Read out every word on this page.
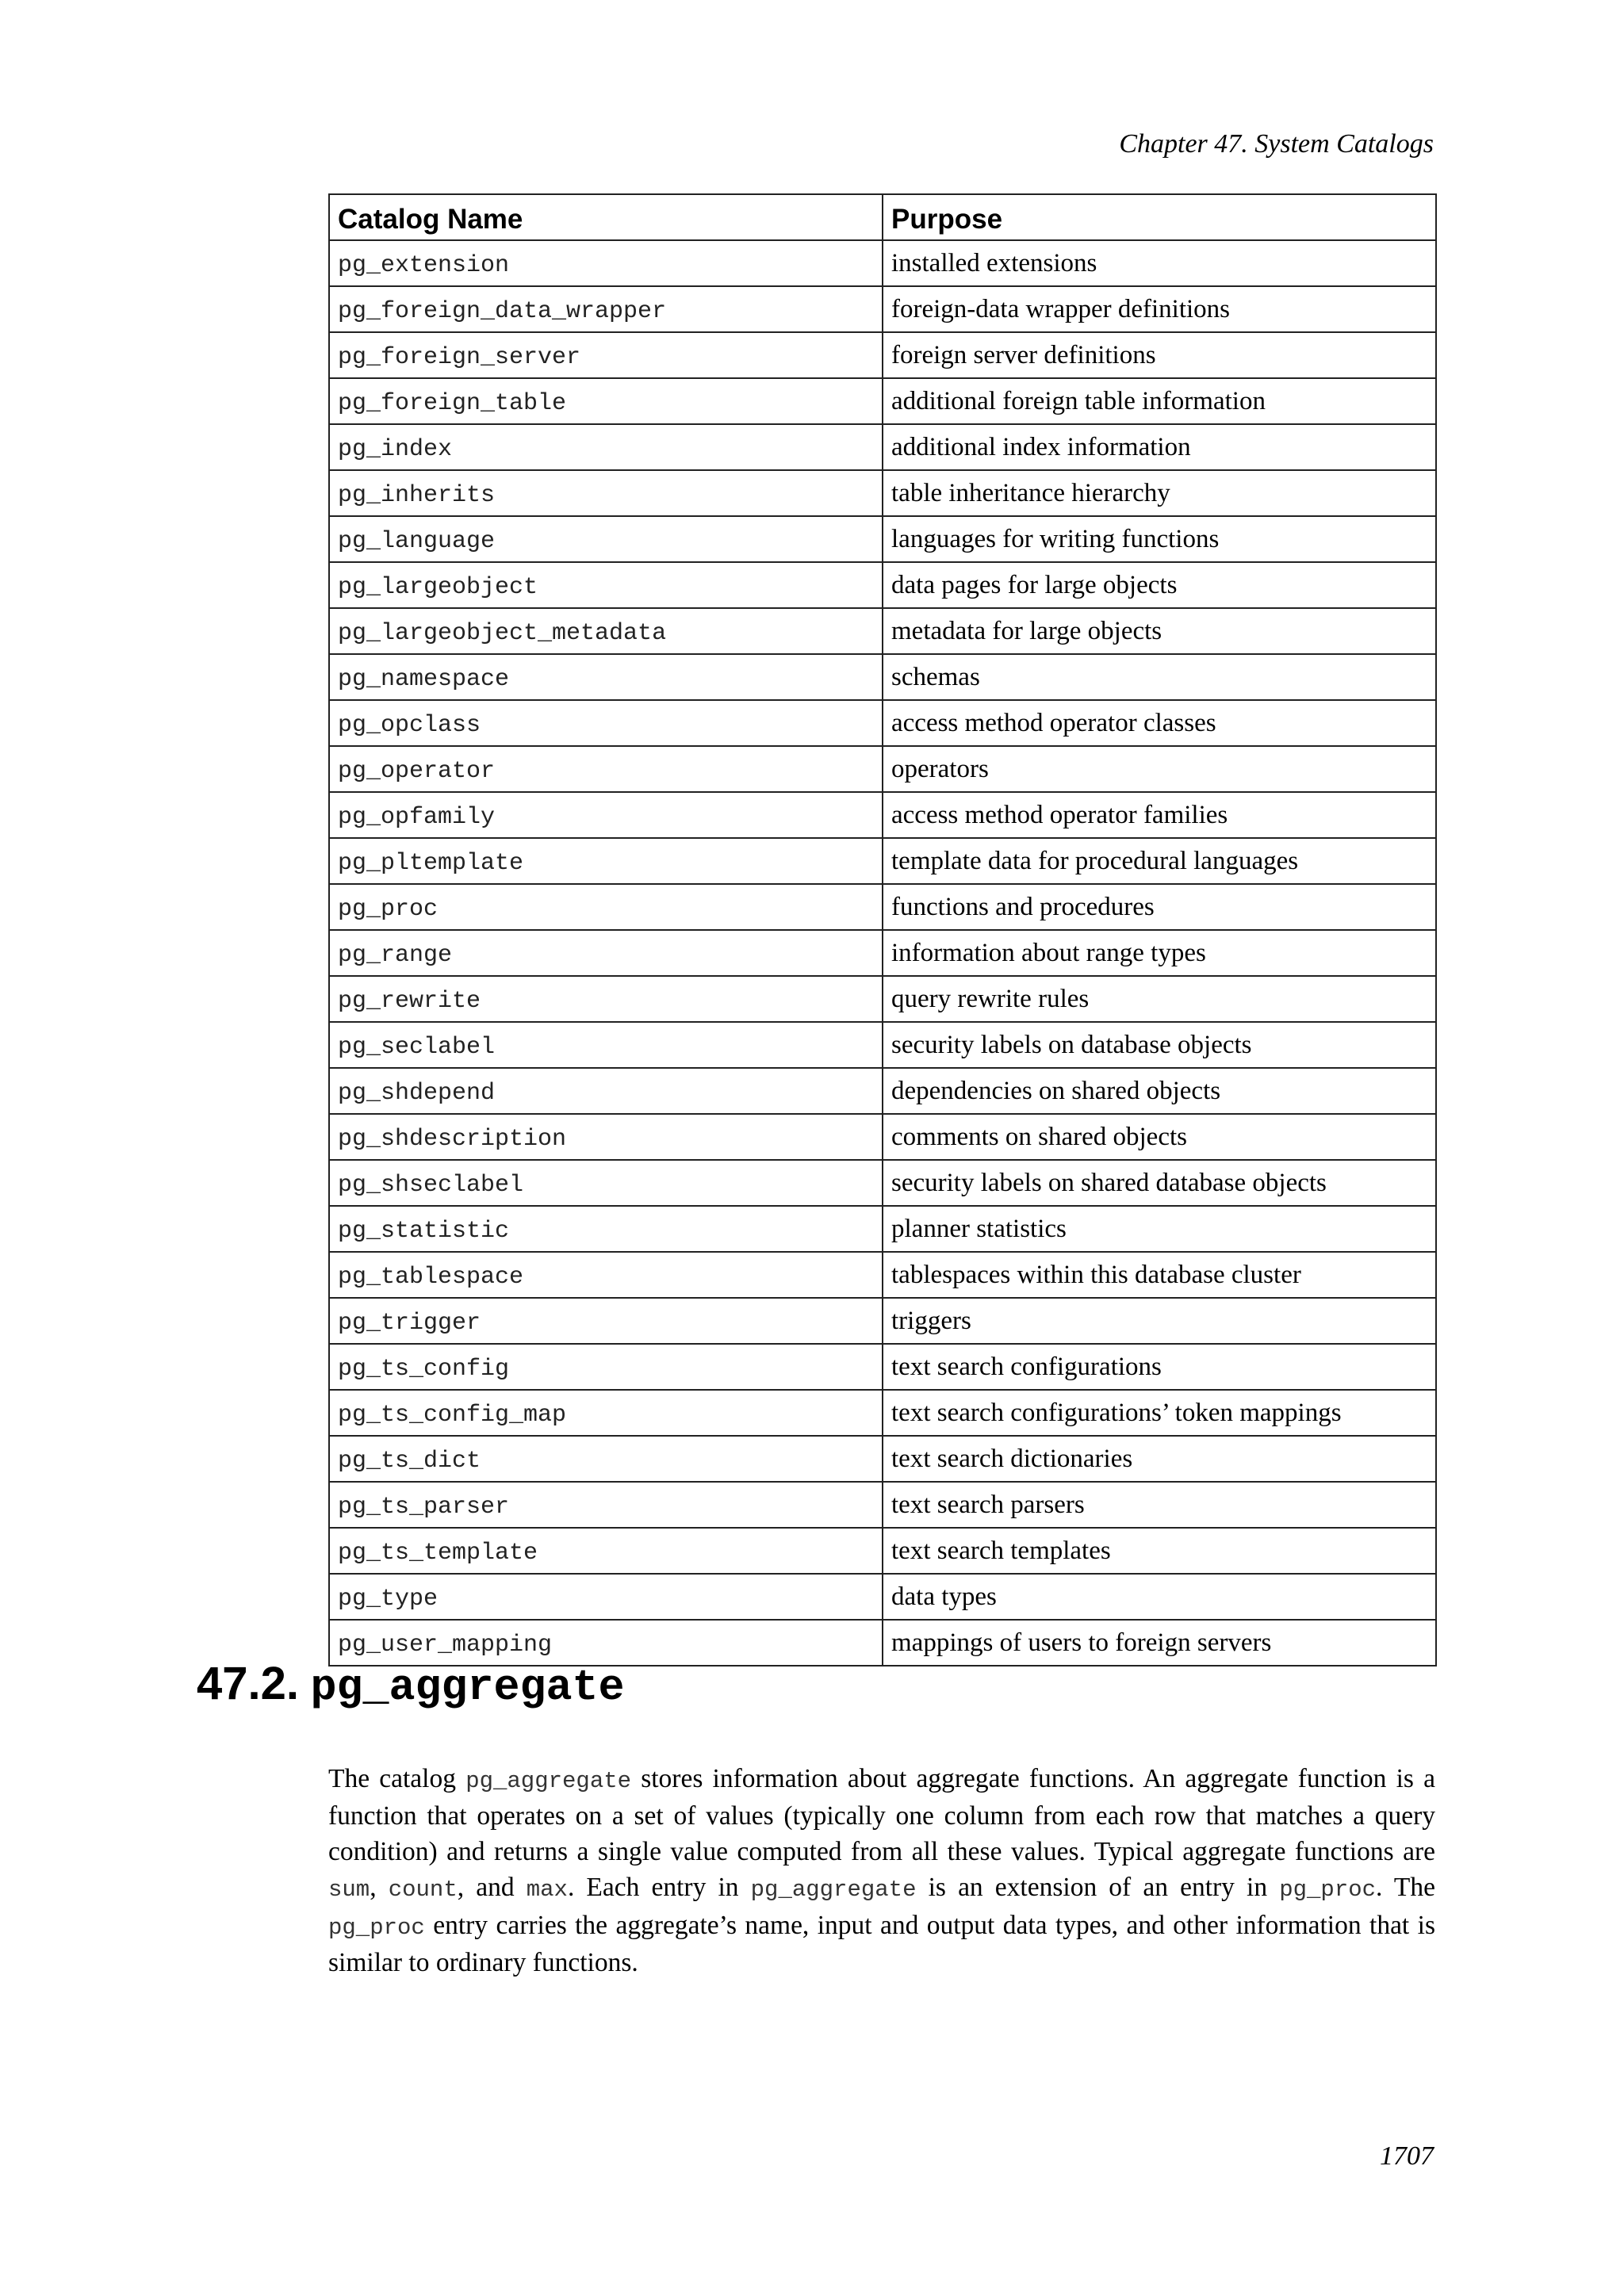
Chapter 47. System Catalogs
Catalog Name	Purpose
pg_extension	installed extensions
pg_foreign_data_wrapper	foreign-data wrapper definitions
pg_foreign_server	foreign server definitions
pg_foreign_table	additional foreign table information
pg_index	additional index information
pg_inherits	table inheritance hierarchy
pg_language	languages for writing functions
pg_largeobject	data pages for large objects
pg_largeobject_metadata	metadata for large objects
pg_namespace	schemas
pg_opclass	access method operator classes
pg_operator	operators
pg_opfamily	access method operator families
pg_pltemplate	template data for procedural languages
pg_proc	functions and procedures
pg_range	information about range types
pg_rewrite	query rewrite rules
pg_seclabel	security labels on database objects
pg_shdepend	dependencies on shared objects
pg_shdescription	comments on shared objects
pg_shseclabel	security labels on shared database objects
pg_statistic	planner statistics
pg_tablespace	tablespaces within this database cluster
pg_trigger	triggers
pg_ts_config	text search configurations
pg_ts_config_map	text search configurations’ token mappings
pg_ts_dict	text search dictionaries
pg_ts_parser	text search parsers
pg_ts_template	text search templates
pg_type	data types
pg_user_mapping	mappings of users to foreign servers
47.2. pg_aggregate

The catalog pg_aggregate stores information about aggregate functions. An aggregate function is a function that operates on a set of values (typically one column from each row that matches a query condition) and returns a single value computed from all these values. Typical aggregate functions are sum, count, and max. Each entry in pg_aggregate is an extension of an entry in pg_proc. The pg_proc entry carries the aggregate’s name, input and output data types, and other information that is similar to ordinary functions.

1707
